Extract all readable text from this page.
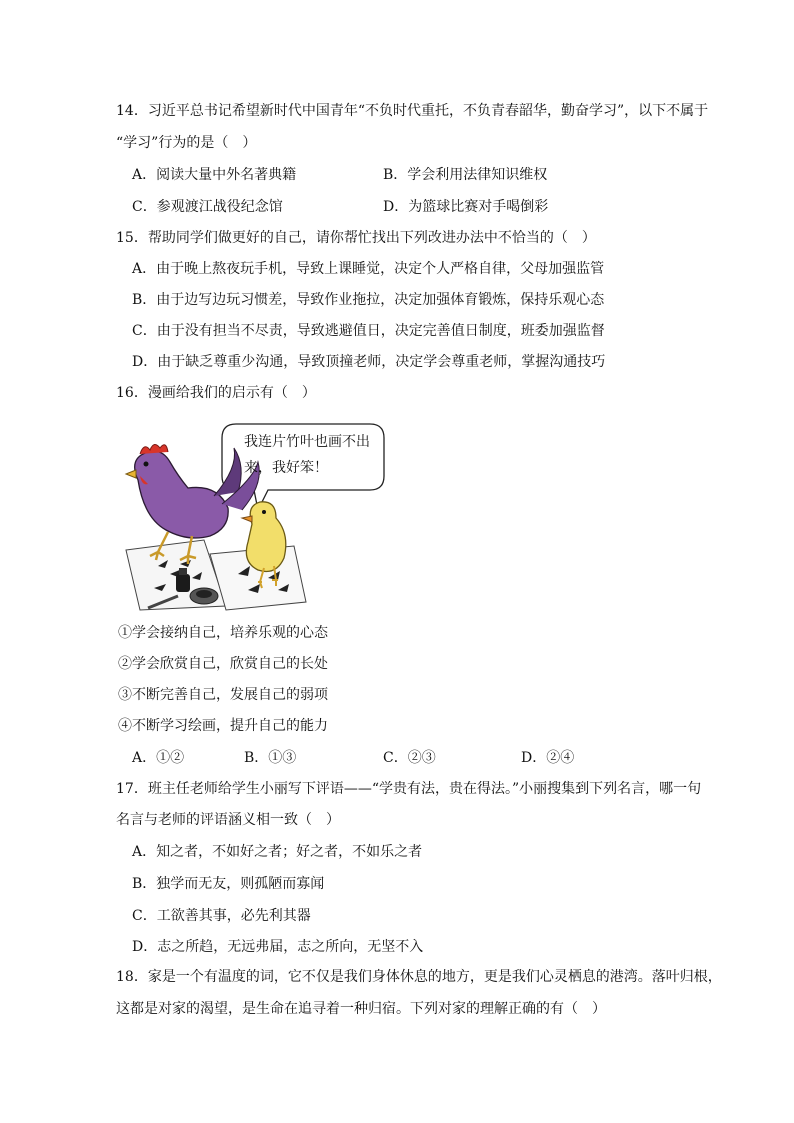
14．习近平总书记希望新时代中国青年“不负时代重托，不负青春韶华，勤奋学习”，以下不属于
“学习”行为的是（　）
A．阅读大量中外名著典籍	B．学会利用法律知识维权
C．参观渡江战役纪念馆	D．为篮球比赛对手喝倒彩
15．帮助同学们做更好的自己，请你帮忙找出下列改进办法中不恰当的（　）
A．由于晚上熬夜玩手机，导致上课睡觉，决定个人严格自律，父母加强监管
B．由于边写边玩习惯差，导致作业拖拉，决定加强体育锻炼，保持乐观心态
C．由于没有担当不尽责，导致逃避值日，决定完善值日制度，班委加强监督
D．由于缺乏尊重少沟通，导致顶撞老师，决定学会尊重老师，掌握沟通技巧
16．漫画给我们的启示有（　）
我连片竹叶也画不出
来，我好笨！
①学会接纳自己，培养乐观的心态
②学会欣赏自己，欣赏自己的长处
③不断完善自己，发展自己的弱项
④不断学习绘画，提升自己的能力
A．①②	B．①③	C．②③	D．②④
17．班主任老师给学生小丽写下评语——“学贵有法，贵在得法。”小丽搜集到下列名言，哪一句
名言与老师的评语涵义相一致（　）
A．知之者，不如好之者；好之者，不如乐之者
B．独学而无友，则孤陋而寡闻
C．工欲善其事，必先利其器
D．志之所趋，无远弗届，志之所向，无坚不入
18．家是一个有温度的词，它不仅是我们身体休息的地方，更是我们心灵栖息的港湾。落叶归根，
这都是对家的渴望，是生命在追寻着一种归宿。下列对家的理解正确的有（　）
